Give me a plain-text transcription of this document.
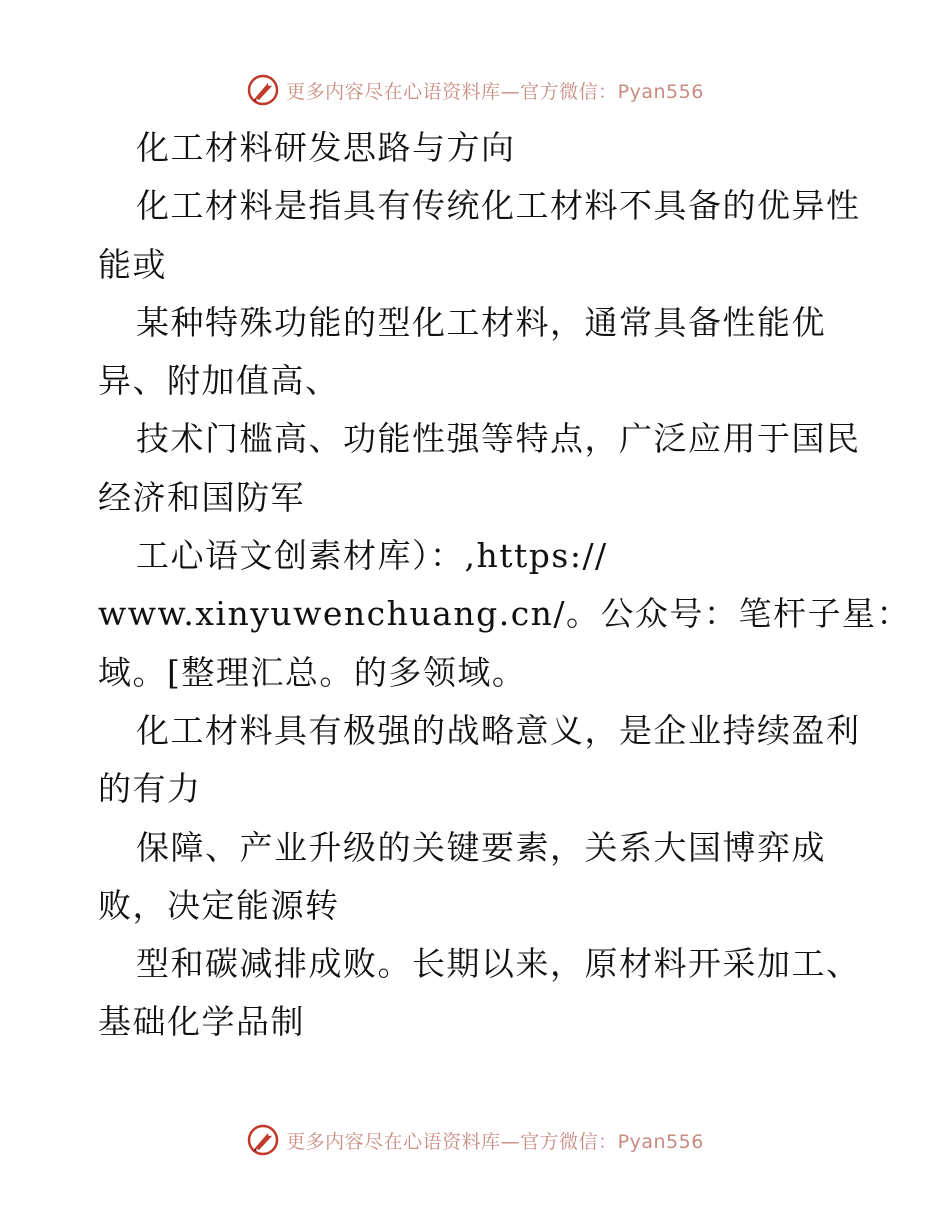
更多内容尽在心语资料库—官方微信：Pyan556
化工材料研发思路与方向
化工材料是指具有传统化工材料不具备的优异性
能或
某种特殊功能的型化工材料，通常具备性能优
异、附加值高、
技术门槛高、功能性强等特点，广泛应用于国民
经济和国防军
工心语文创素材库）：,https://
www.xinyuwenchuang.cn/。公众号：笔杆子星：
域。[整理汇总。的多领域。
化工材料具有极强的战略意义，是企业持续盈利
的有力
保障、产业升级的关键要素，关系大国博弈成
败，决定能源转
型和碳减排成败。长期以来，原材料开采加工、
基础化学品制
更多内容尽在心语资料库—官方微信：Pyan556
